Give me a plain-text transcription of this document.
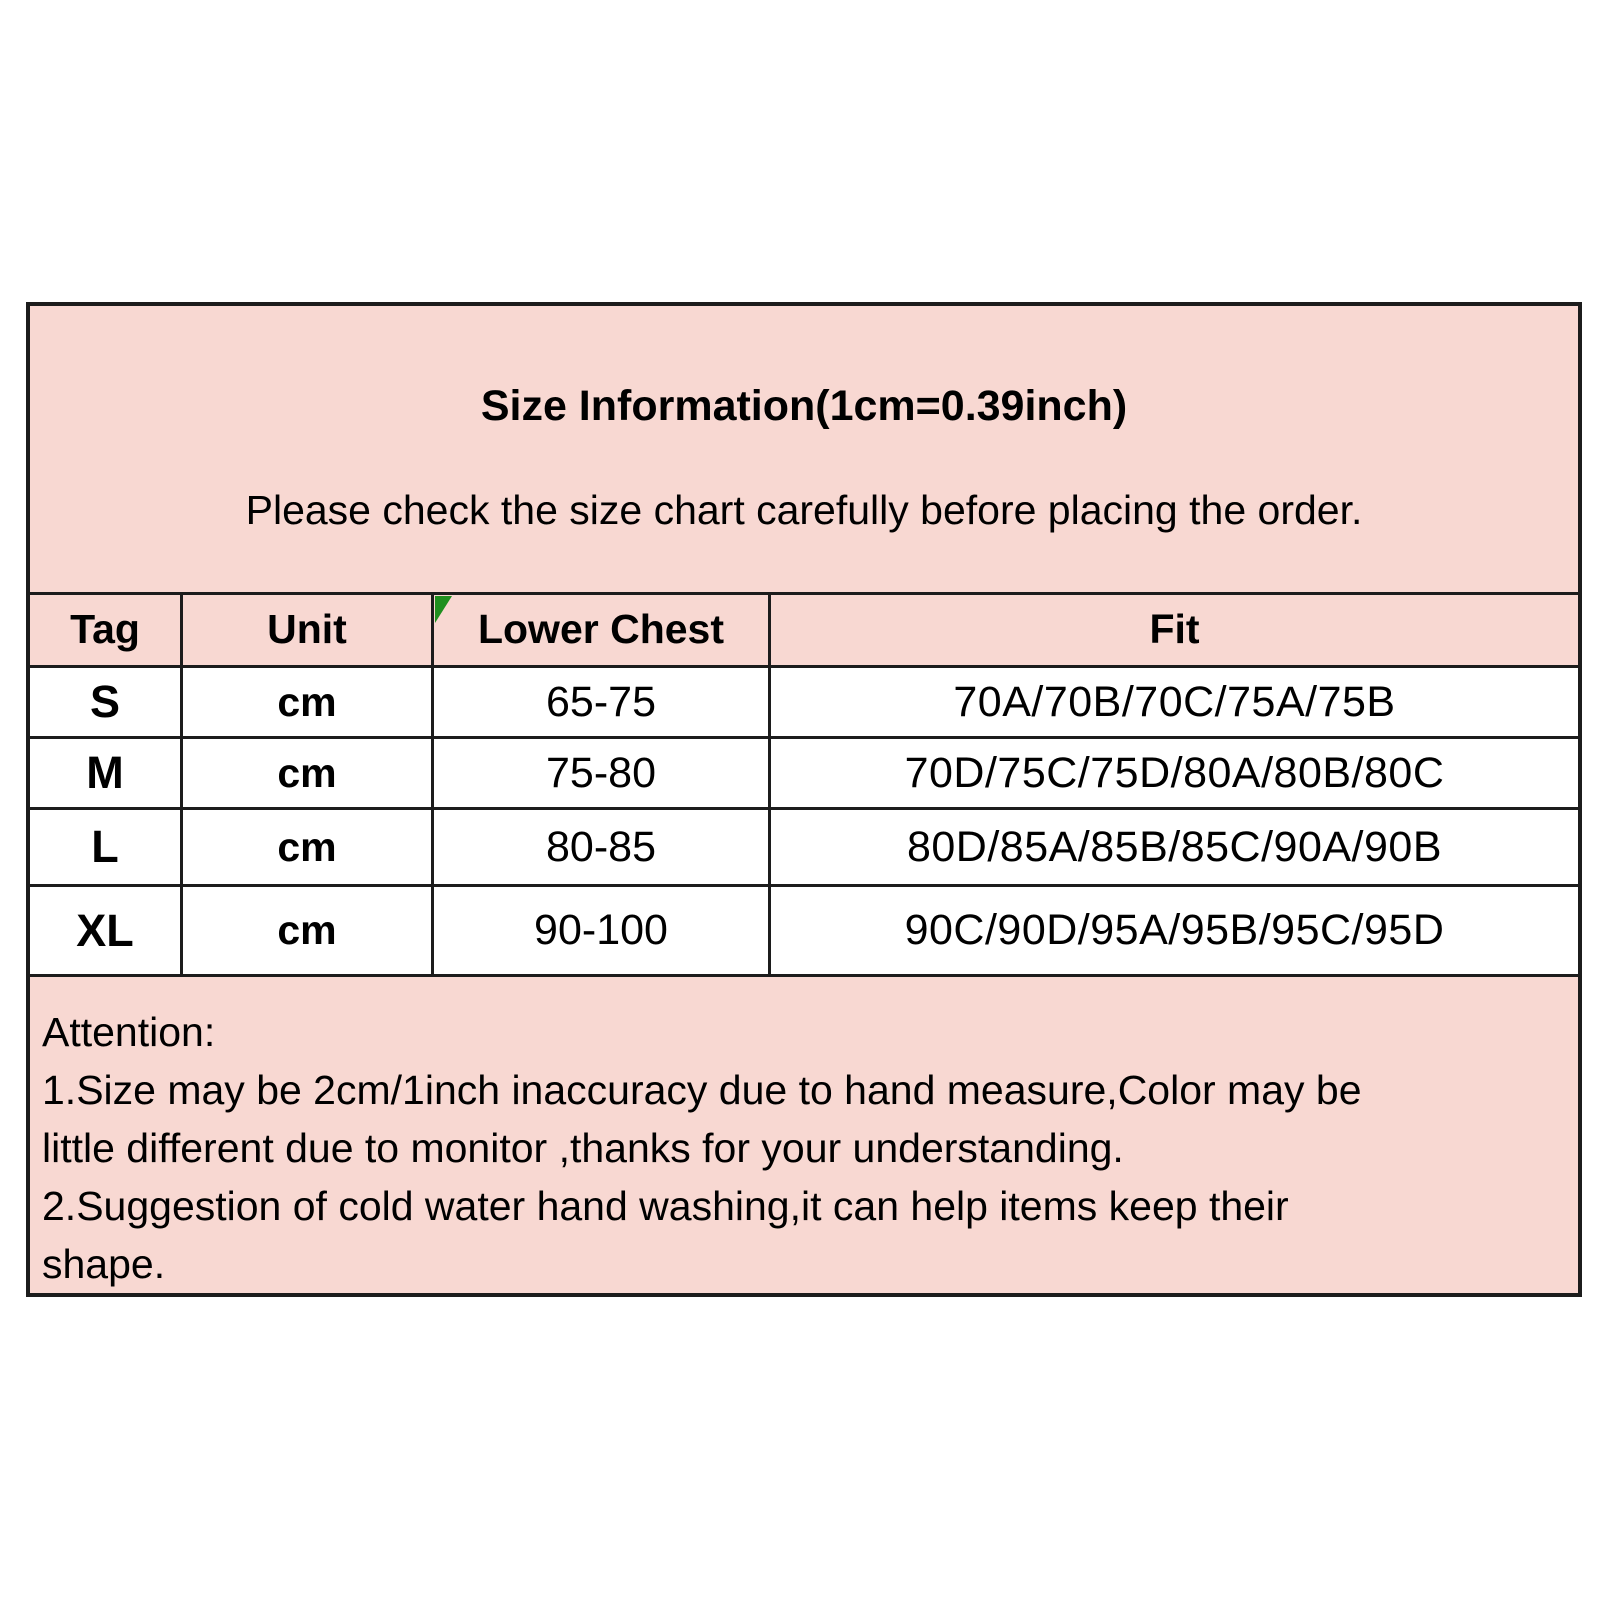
Size Information(1cm=0.39inch)
Please check the size chart carefully before placing the order.
Tag	Unit	Lower Chest	Fit
S	cm	65-75	70A/70B/70C/75A/75B
M	cm	75-80	70D/75C/75D/80A/80B/80C
L	cm	80-85	80D/85A/85B/85C/90A/90B
XL	cm	90-100	90C/90D/95A/95B/95C/95D
Attention:
1.Size may be 2cm/1inch inaccuracy due to hand measure,Color may be
little different due to monitor ,thanks for your understanding.
2.Suggestion of cold water hand washing,it can help items keep their
shape.
